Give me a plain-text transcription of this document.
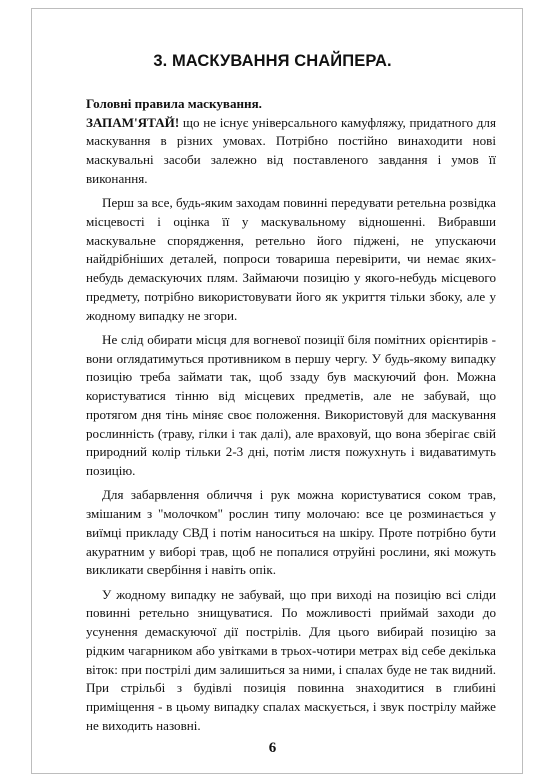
3. МАСКУВАННЯ СНАЙПЕРА.

Головні правила маскування.

ЗАПАМ'ЯТАЙ! що не існує універсального камуфляжу, придатного для маскування в різних умовах. Потрібно постійно винаходити нові маскувальні засоби залежно від поставленого завдання і умов її виконання.

Перш за все, будь-яким заходам повинні передувати ретельна розвідка місцевості і оцінка її у маскувальному відношенні. Вибравши маскувальне спорядження, ретельно його підженi, не упускаючи найдрібніших деталей, попроси товариша перевірити, чи немає яких-небудь демаскуючих плям. Займаючи позицію у якого-небудь місцевого предмету, потрібно використовувати його як укриття тільки збоку, але у жодному випадку не згори.

Не слід обирати місця для вогневої позиції біля помітних орієнтирів - вони оглядатимуться противником в першу чергу. У будь-якому випадку позицію треба займати так, щоб ззаду був маскуючий фон. Можна користуватися тінню від місцевих предметів, але не забувай, що протягом дня тінь міняє своє положення. Використовуй для маскування рослинність (траву, гілки і так далі), але враховуй, що вона зберігає свій природний колір тільки 2-3 дні, потім листя пожухнуть і видаватимуть позицію.

Для забарвлення обличчя і рук можна користуватися соком трав, змішаним з "молочком" рослин типу молочаю: все це розминається у виїмці прикладу СВД і потім наноситься на шкіру. Проте потрібно бути акуратним у виборі трав, щоб не попалися отруйні рослини, які можуть викликати свербіння і навіть опік.

У жодному випадку не забувай, що при виході на позицію всі сліди повинні ретельно знищуватися. По можливості приймай заходи до усунення демаскуючої дії пострілів. Для цього вибирай позицію за рідким чагарником або увітками в трьох-чотири метрах від себе декілька віток: при пострілі дим залишиться за ними, і спалах буде не так видний. При стрільбі з будівлі позиція повинна знаходитися в глибині приміщення - в цьому випадку спалах маскується, і звук пострілу майже не виходить назовні.

6
